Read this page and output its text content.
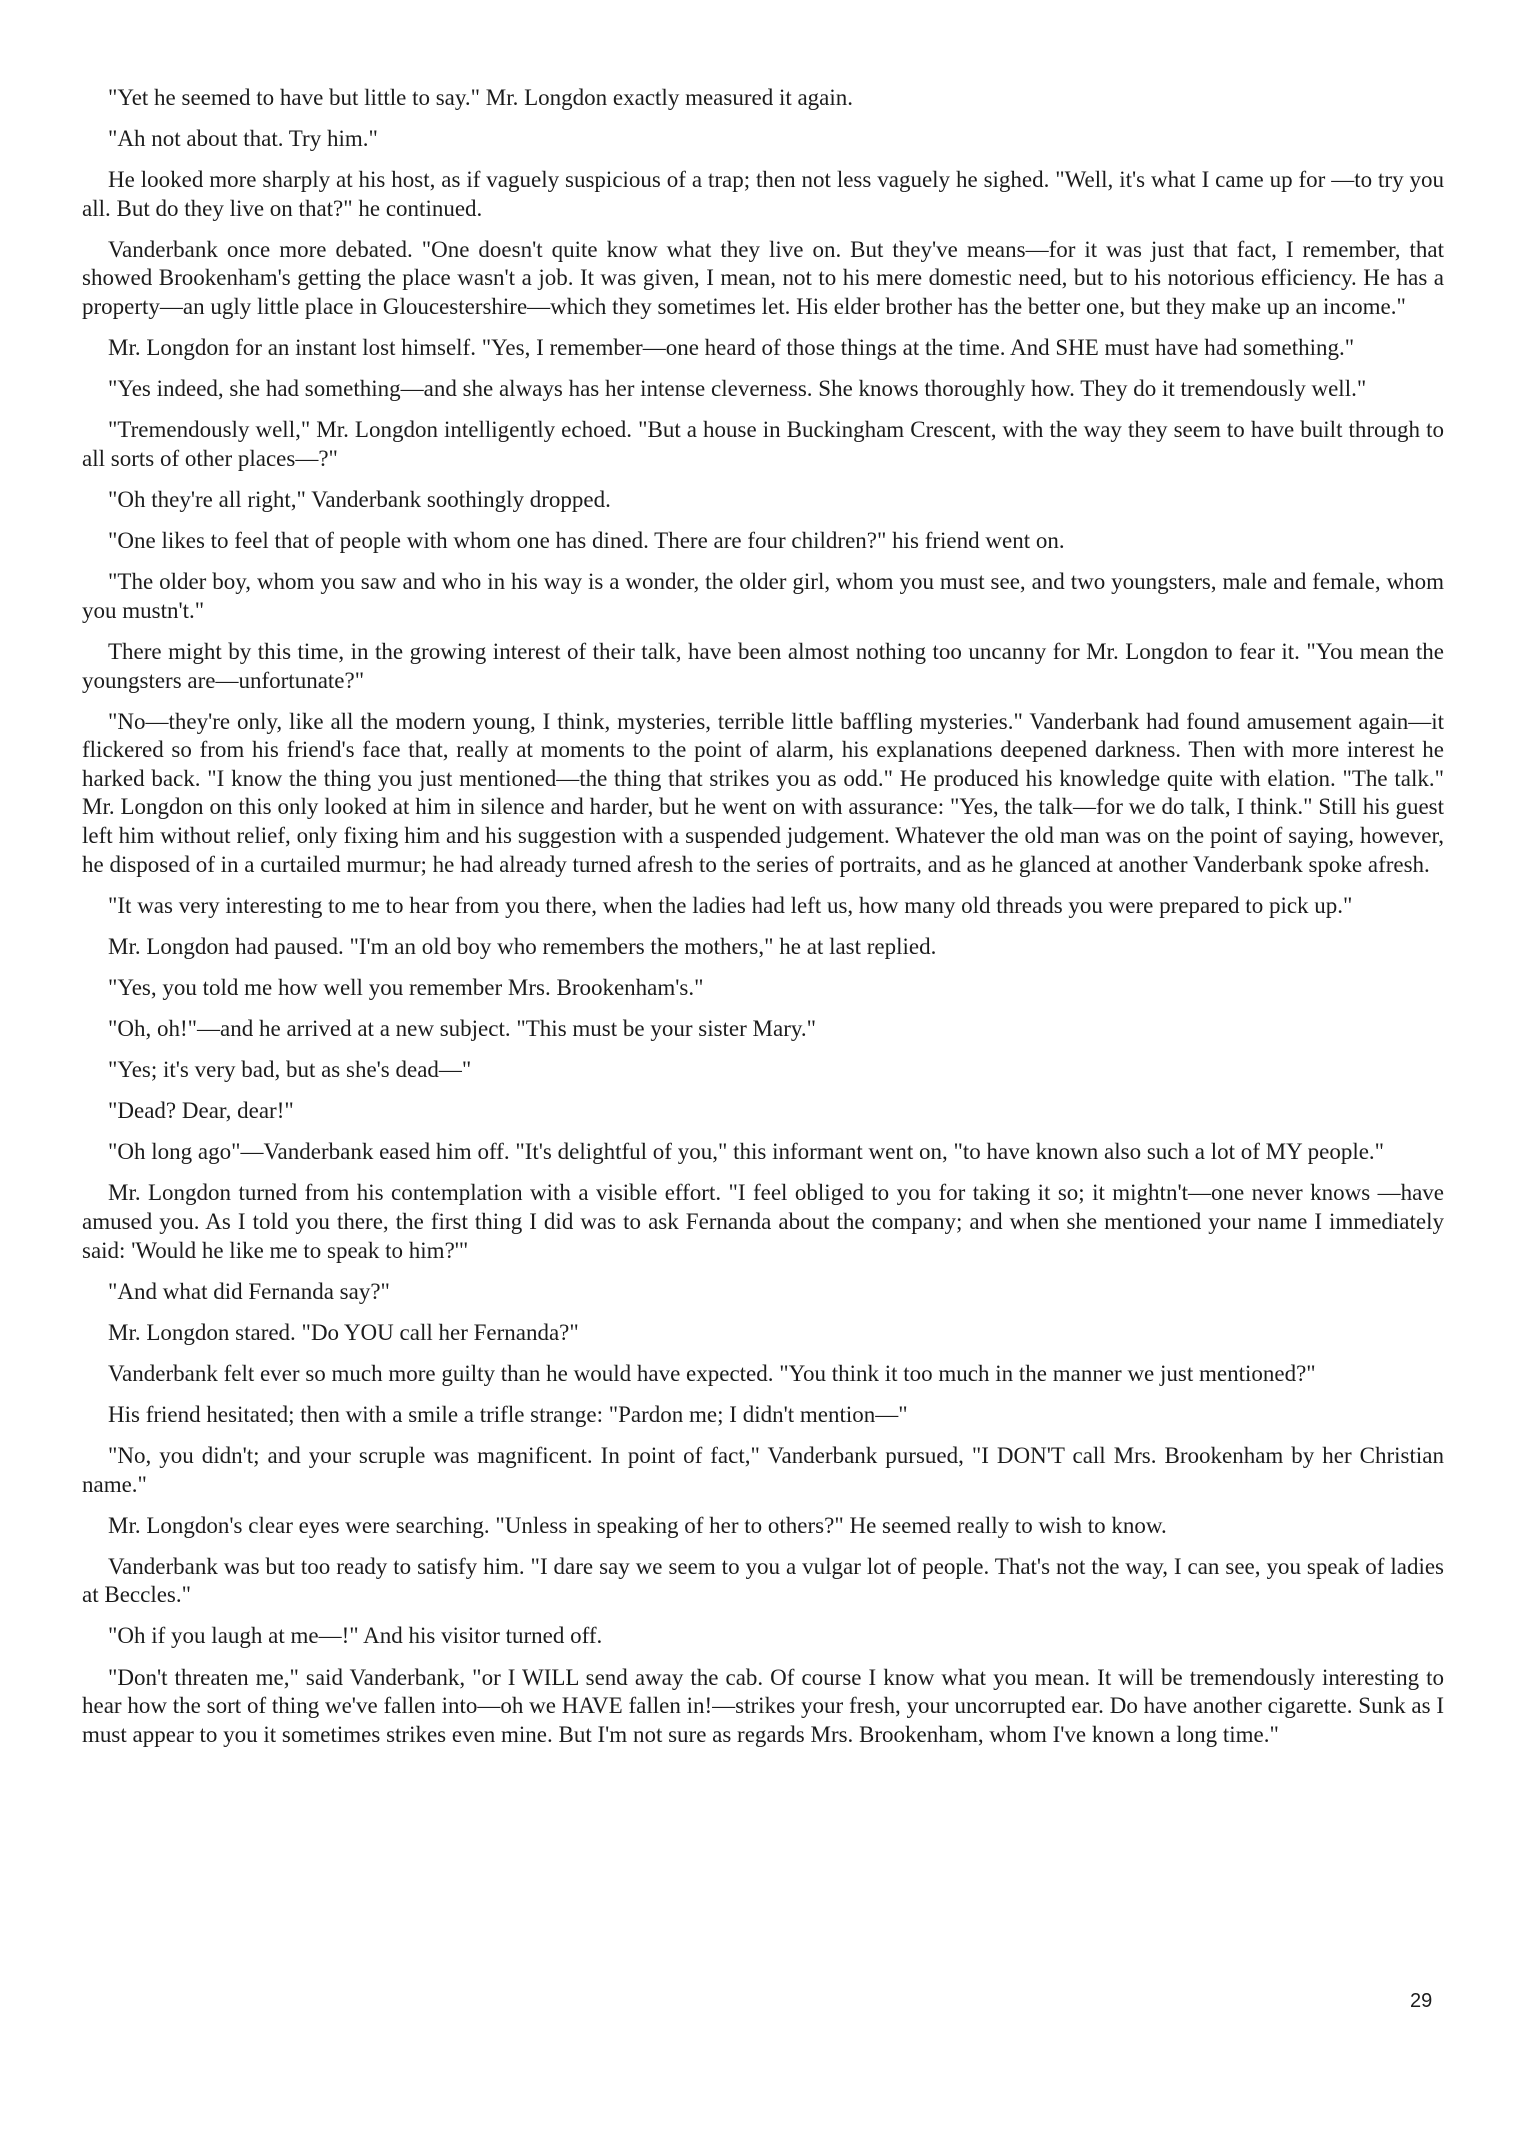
"Yet he seemed to have but little to say." Mr. Longdon exactly measured it again.

"Ah not about that. Try him."

He looked more sharply at his host, as if vaguely suspicious of a trap; then not less vaguely he sighed. "Well, it's what I came up for —to try you all. But do they live on that?" he continued.

Vanderbank once more debated. "One doesn't quite know what they live on. But they've means—for it was just that fact, I remember, that showed Brookenham's getting the place wasn't a job. It was given, I mean, not to his mere domestic need, but to his notorious efficiency. He has a property—an ugly little place in Gloucestershire—which they sometimes let. His elder brother has the better one, but they make up an income."

Mr. Longdon for an instant lost himself. "Yes, I remember—one heard of those things at the time. And SHE must have had something."

"Yes indeed, she had something—and she always has her intense cleverness. She knows thoroughly how. They do it tremendously well."

"Tremendously well," Mr. Longdon intelligently echoed. "But a house in Buckingham Crescent, with the way they seem to have built through to all sorts of other places—?"

"Oh they're all right," Vanderbank soothingly dropped.

"One likes to feel that of people with whom one has dined. There are four children?" his friend went on.

"The older boy, whom you saw and who in his way is a wonder, the older girl, whom you must see, and two youngsters, male and female, whom you mustn't."

There might by this time, in the growing interest of their talk, have been almost nothing too uncanny for Mr. Longdon to fear it. "You mean the youngsters are—unfortunate?"

"No—they're only, like all the modern young, I think, mysteries, terrible little baffling mysteries." Vanderbank had found amusement again—it flickered so from his friend's face that, really at moments to the point of alarm, his explanations deepened darkness. Then with more interest he harked back. "I know the thing you just mentioned—the thing that strikes you as odd." He produced his knowledge quite with elation. "The talk." Mr. Longdon on this only looked at him in silence and harder, but he went on with assurance: "Yes, the talk—for we do talk, I think." Still his guest left him without relief, only fixing him and his suggestion with a suspended judgement. Whatever the old man was on the point of saying, however, he disposed of in a curtailed murmur; he had already turned afresh to the series of portraits, and as he glanced at another Vanderbank spoke afresh.

"It was very interesting to me to hear from you there, when the ladies had left us, how many old threads you were prepared to pick up."

Mr. Longdon had paused. "I'm an old boy who remembers the mothers," he at last replied.

"Yes, you told me how well you remember Mrs. Brookenham's."

"Oh, oh!"—and he arrived at a new subject. "This must be your sister Mary."

"Yes; it's very bad, but as she's dead—"

"Dead? Dear, dear!"

"Oh long ago"—Vanderbank eased him off. "It's delightful of you," this informant went on, "to have known also such a lot of MY people."

Mr. Longdon turned from his contemplation with a visible effort. "I feel obliged to you for taking it so; it mightn't—one never knows —have amused you. As I told you there, the first thing I did was to ask Fernanda about the company; and when she mentioned your name I immediately said: 'Would he like me to speak to him?'"

"And what did Fernanda say?"

Mr. Longdon stared. "Do YOU call her Fernanda?"

Vanderbank felt ever so much more guilty than he would have expected. "You think it too much in the manner we just mentioned?"

His friend hesitated; then with a smile a trifle strange: "Pardon me; I didn't mention—"

"No, you didn't; and your scruple was magnificent. In point of fact," Vanderbank pursued, "I DON'T call Mrs. Brookenham by her Christian name."

Mr. Longdon's clear eyes were searching. "Unless in speaking of her to others?" He seemed really to wish to know.

Vanderbank was but too ready to satisfy him. "I dare say we seem to you a vulgar lot of people. That's not the way, I can see, you speak of ladies at Beccles."

"Oh if you laugh at me—!" And his visitor turned off.

"Don't threaten me," said Vanderbank, "or I WILL send away the cab. Of course I know what you mean. It will be tremendously interesting to hear how the sort of thing we've fallen into—oh we HAVE fallen in!—strikes your fresh, your uncorrupted ear. Do have another cigarette. Sunk as I must appear to you it sometimes strikes even mine. But I'm not sure as regards Mrs. Brookenham, whom I've known a long time."

29
